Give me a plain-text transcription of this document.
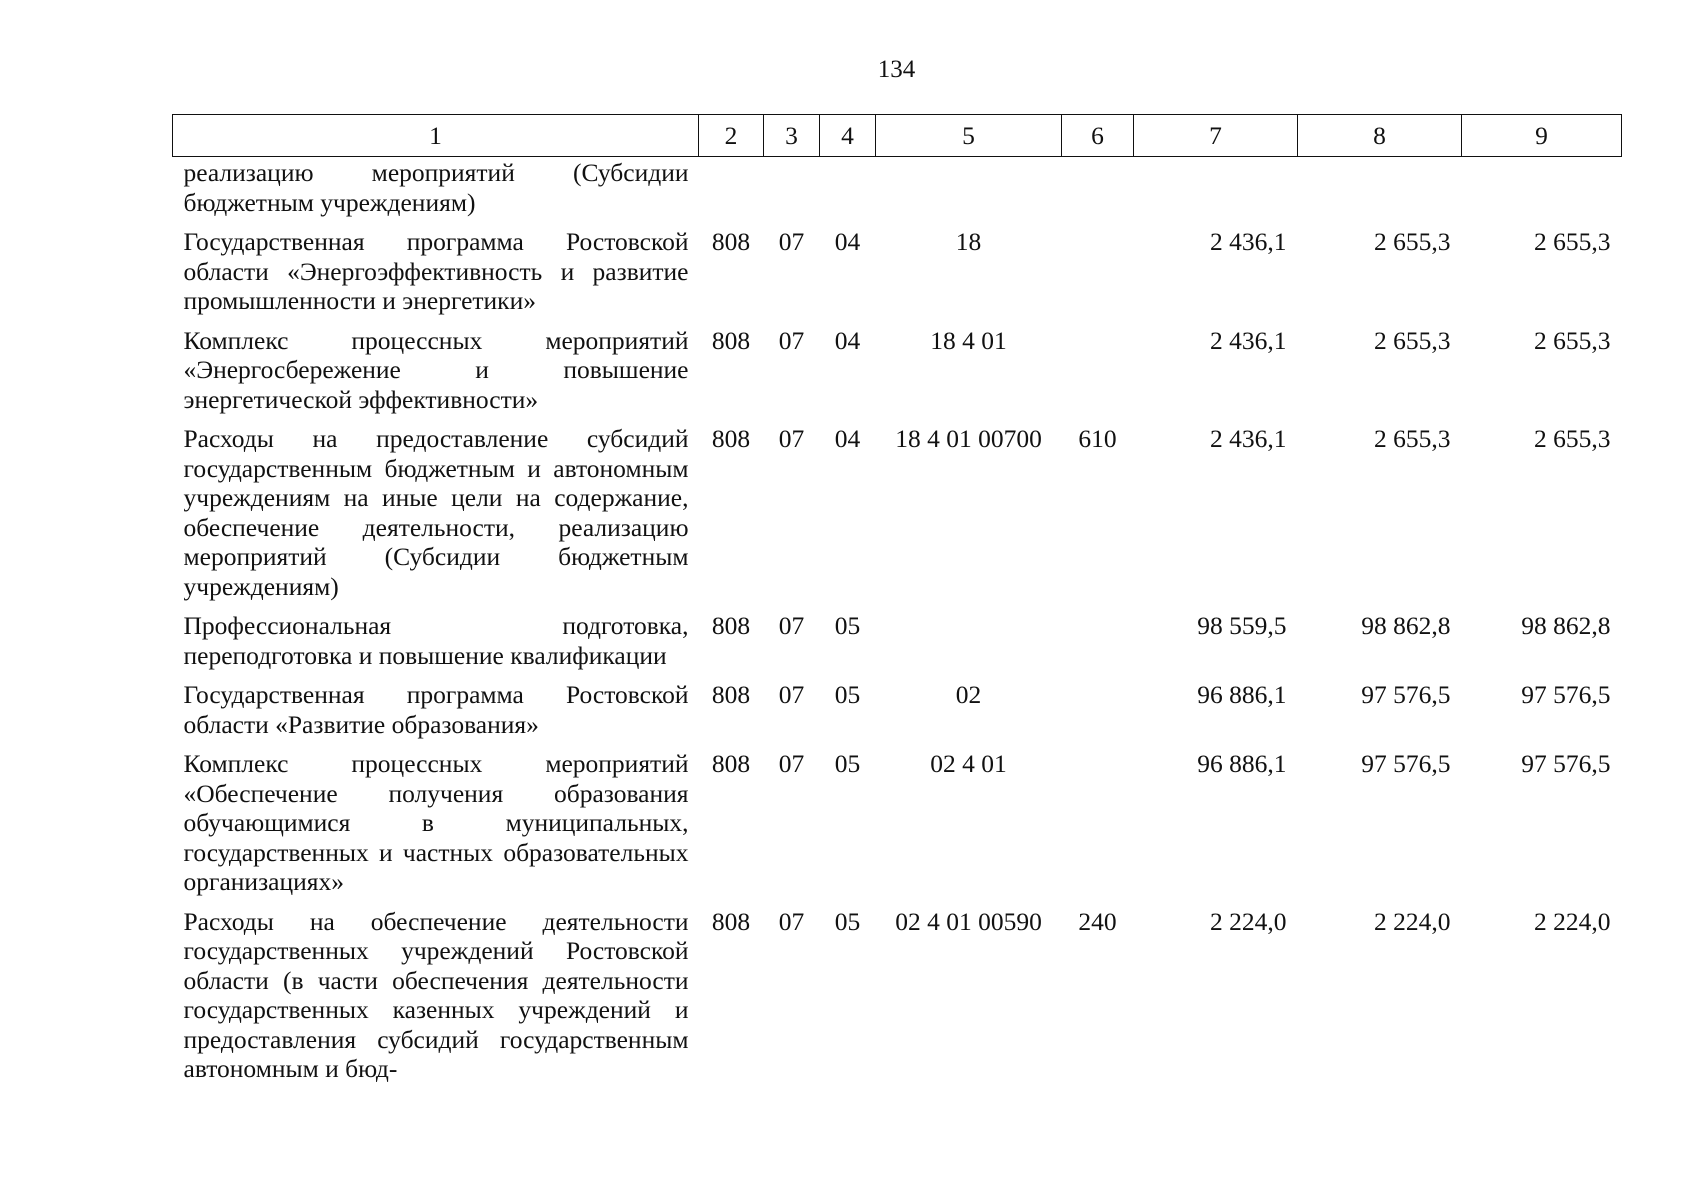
134
1	2	3	4	5	6	7	8	9
реализацию мероприятий (Субсидии бюджетным учреждениям)								
Государственная программа Ростовской области «Энергоэффективность и развитие промышленности и энергетики»	808	07	04	18		2 436,1	2 655,3	2 655,3
Комплекс процессных мероприятий «Энергосбережение и повышение энергетической эффективности»	808	07	04	18 4 01		2 436,1	2 655,3	2 655,3
Расходы на предоставление субсидий государственным бюджетным и автономным учреждениям на иные цели на содержание, обеспечение деятельности, реализацию мероприятий (Субсидии бюджетным учреждениям)	808	07	04	18 4 01 00700	610	2 436,1	2 655,3	2 655,3
Профессиональная подготовка, переподготовка и повышение квалификации	808	07	05			98 559,5	98 862,8	98 862,8
Государственная программа Ростовской области «Развитие образования»	808	07	05	02		96 886,1	97 576,5	97 576,5
Комплекс процессных мероприятий «Обеспечение получения образования обучающимися в муниципальных, государственных и частных образовательных организациях»	808	07	05	02 4 01		96 886,1	97 576,5	97 576,5
Расходы на обеспечение деятельности государственных учреждений Ростовской области (в части обеспечения деятельности государственных казенных учреждений и предоставления субсидий государственным автономным и бюд-	808	07	05	02 4 01 00590	240	2 224,0	2 224,0	2 224,0
